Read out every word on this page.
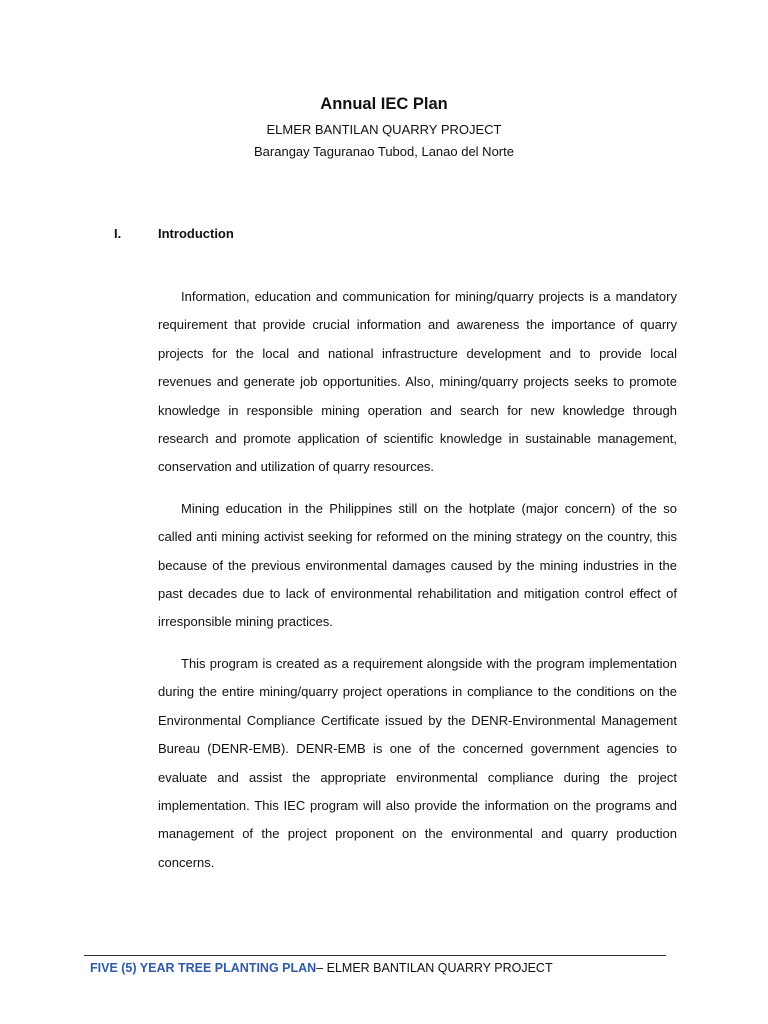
Annual IEC Plan
ELMER BANTILAN QUARRY PROJECT
Barangay Taguranao Tubod, Lanao del Norte
I.	Introduction

Information, education and communication for mining/quarry projects is a mandatory requirement that provide crucial information and awareness the importance of quarry projects for the local and national infrastructure development and to provide local revenues and generate job opportunities. Also, mining/quarry projects seeks to promote knowledge in responsible mining operation and search for new knowledge through research and promote application of scientific knowledge in sustainable management, conservation and utilization of quarry resources.

Mining education in the Philippines still on the hotplate (major concern) of the so called anti mining activist seeking for reformed on the mining strategy on the country, this because of the previous environmental damages caused by the mining industries in the past decades due to lack of environmental rehabilitation and mitigation control effect of irresponsible mining practices.

This program is created as a requirement alongside with the program implementation during the entire mining/quarry project operations in compliance to the conditions on the Environmental Compliance Certificate issued by the DENR-Environmental Management Bureau (DENR-EMB). DENR-EMB is one of the concerned government agencies to evaluate and assist the appropriate environmental compliance during the project implementation. This IEC program will also provide the information on the programs and management of the project proponent on the environmental and quarry production concerns.

FIVE (5) YEAR TREE PLANTING PLAN– ELMER BANTILAN QUARRY PROJECT
